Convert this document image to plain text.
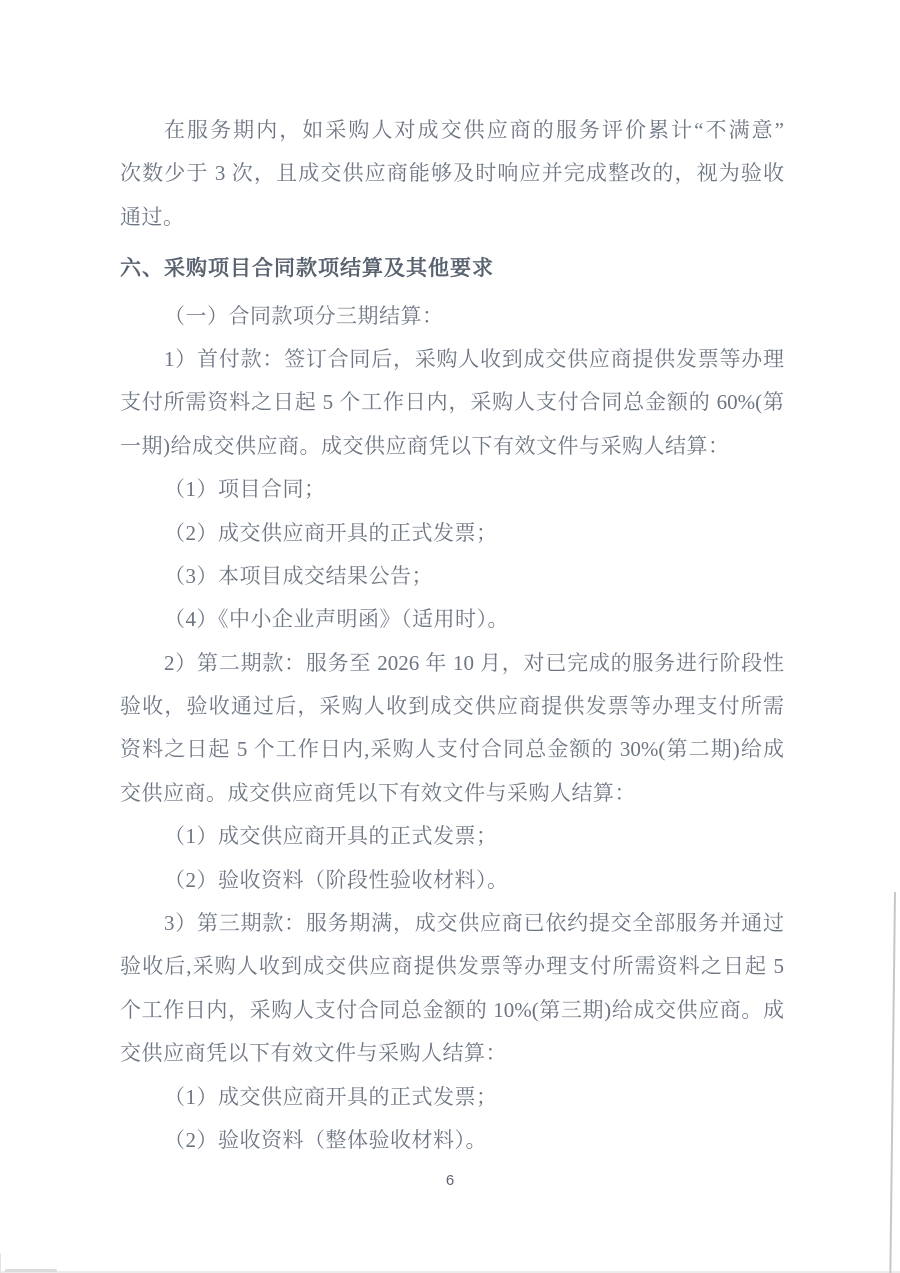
在服务期内，如采购人对成交供应商的服务评价累计“不满意”
次数少于 3 次，且成交供应商能够及时响应并完成整改的，视为验收
通过。
六、采购项目合同款项结算及其他要求
（一）合同款项分三期结算：
1）首付款：签订合同后，采购人收到成交供应商提供发票等办理
支付所需资料之日起 5 个工作日内，采购人支付合同总金额的 60%(第
一期)给成交供应商。成交供应商凭以下有效文件与采购人结算：
（1）项目合同；
（2）成交供应商开具的正式发票；
（3）本项目成交结果公告；
（4）《中小企业声明函》（适用时）。
2）第二期款：服务至 2026 年 10 月，对已完成的服务进行阶段性
验收，验收通过后，采购人收到成交供应商提供发票等办理支付所需
资料之日起 5 个工作日内,采购人支付合同总金额的 30%(第二期)给成
交供应商。成交供应商凭以下有效文件与采购人结算：
（1）成交供应商开具的正式发票；
（2）验收资料（阶段性验收材料）。
3）第三期款：服务期满，成交供应商已依约提交全部服务并通过
验收后,采购人收到成交供应商提供发票等办理支付所需资料之日起 5
个工作日内，采购人支付合同总金额的 10%(第三期)给成交供应商。成
交供应商凭以下有效文件与采购人结算：
（1）成交供应商开具的正式发票；
（2）验收资料（整体验收材料）。
6
